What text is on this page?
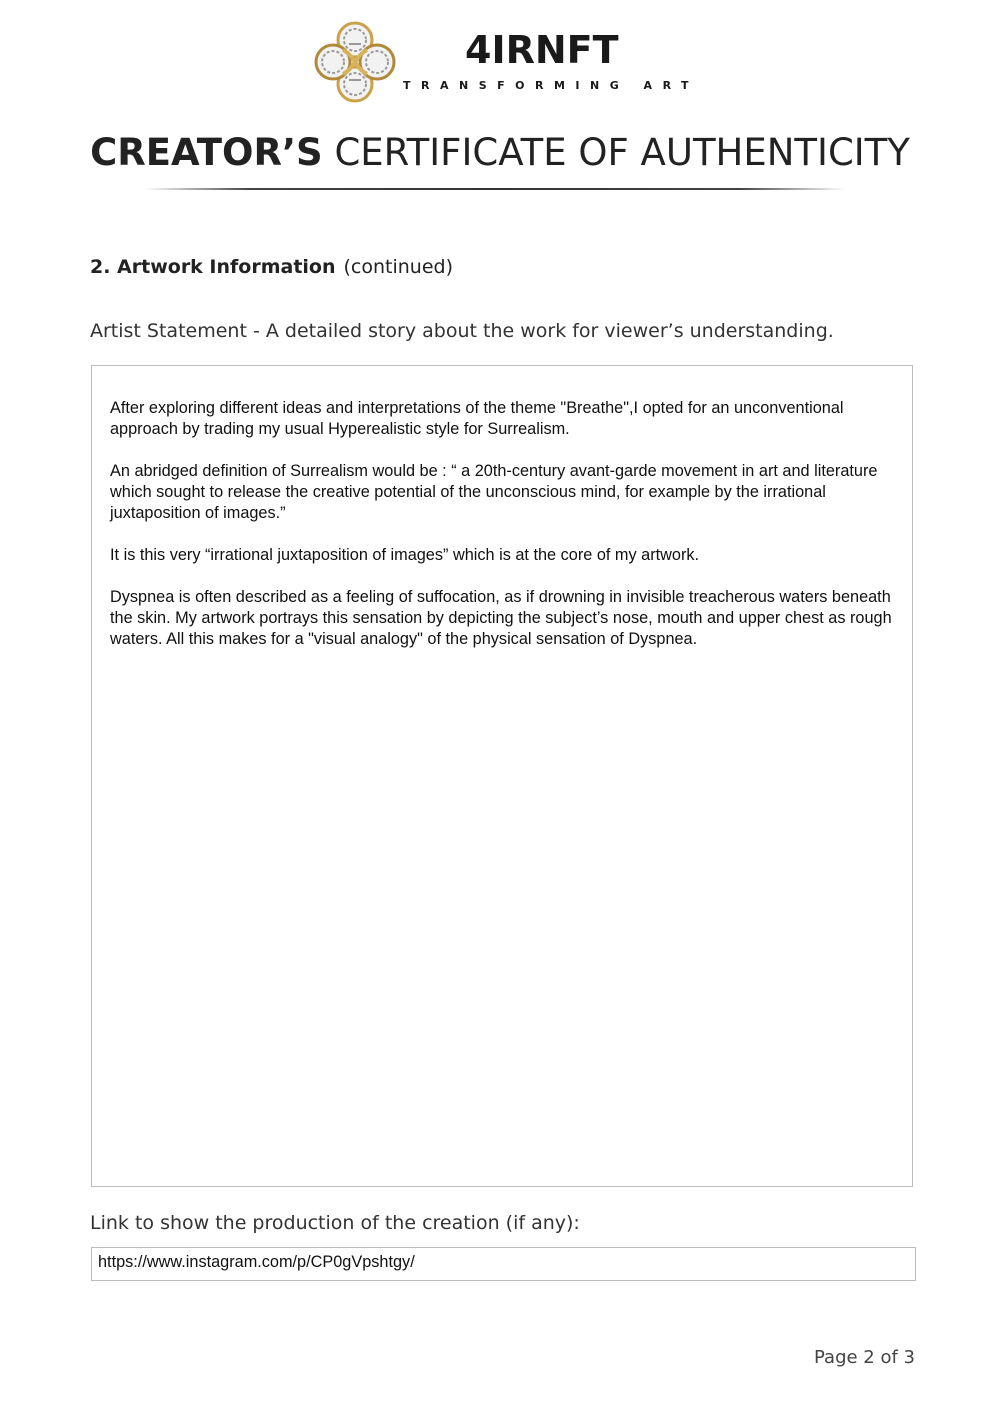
4IRNFT
TRANSFORMING ART
CREATOR’S CERTIFICATE OF AUTHENTICITY
2. Artwork Information (continued)
Artist Statement - A detailed story about the work for viewer’s understanding.

After exploring different ideas and interpretations of the theme "Breathe",I opted for an unconventional approach by trading my usual Hyperealistic style for Surrealism.

An abridged definition of Surrealism would be : “ a 20th-century avant-garde movement in art and literature which sought to release the creative potential of the unconscious mind, for example by the irrational juxtaposition of images.”

It is this very “irrational juxtaposition of images” which is at the core of my artwork.

Dyspnea is often described as a feeling of suffocation, as if drowning in invisible treacherous waters beneath the skin. My artwork portrays this sensation by depicting the subject’s nose, mouth and upper chest as rough waters. All this makes for a "visual analogy" of the physical sensation of Dyspnea.

Link to show the production of the creation (if any):
https://www.instagram.com/p/CP0gVpshtgy/
Page 2 of 3
